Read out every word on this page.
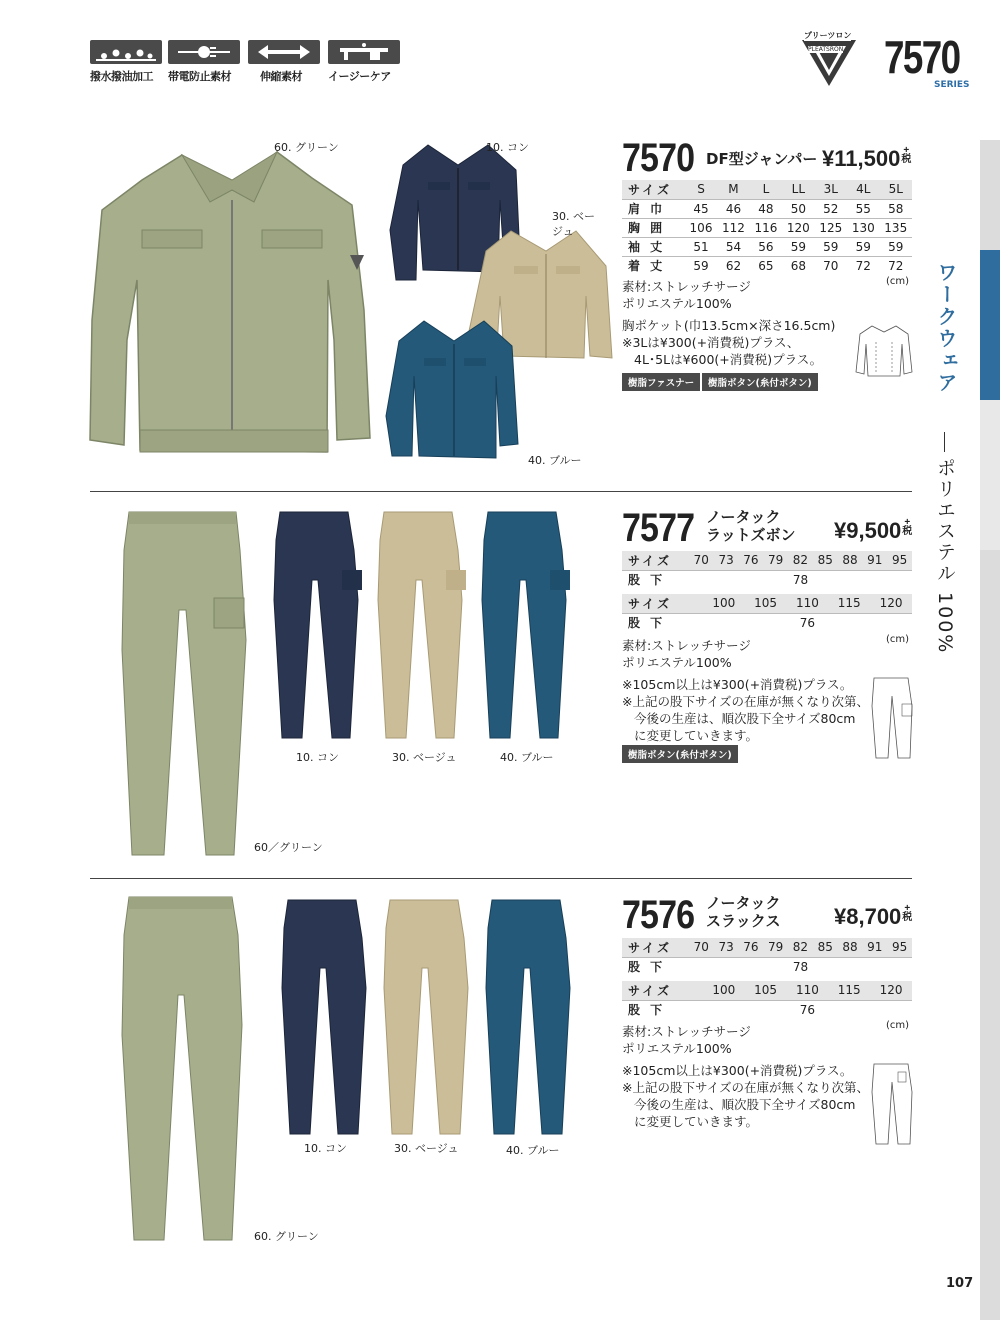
撥水撥油加工	帯電防止素材	伸縮素材	イージーケア
プリーツロン
PLEATSRON 7570
SERIES
ワークウェア
ポリエステル 100%
60. グリーン	10. コン
30. ベージュ
40. ブルー
7570 DF型ジャンパー ¥11,500 +
税
サイズ	S	M	L	LL	3L	4L	5L
肩 巾	45	46	48	50	52	55	58
胸 囲	106	112	116	120	125	130	135
袖 丈	51	54	56	59	59	59	59
着 丈	59	62	65	68	70	72	72
(cm)
素材:ストレッチサージ
ポリエステル100%
胸ポケット(巾13.5cm×深さ16.5cm)
※3Lは¥300(+消費税)プラス、
4L･5Lは¥600(+消費税)プラス。
樹脂ファスナー	樹脂ボタン(糸付ボタン)
10. コン	30. ベージュ	40. ブルー
60／グリーン
7577 ノータック
ラットズボン ¥9,500 +
税
サイズ	70	73	76	79	82	85	88	91	95
股 下	78								
サイズ	100	105	110	115	120
股 下	76				
(cm)
素材:ストレッチサージ
ポリエステル100%
※105cm以上は¥300(+消費税)プラス。
※上記の股下サイズの在庫が無くなり次第、
今後の生産は、順次股下全サイズ80cm
に変更していきます。
樹脂ボタン(糸付ボタン)
10. コン	30. ベージュ	40. ブルー
60. グリーン
7576 ノータック
スラックス ¥8,700 +
税
サイズ	70	73	76	79	82	85	88	91	95
股 下	78								
サイズ	100	105	110	115	120
股 下	76				
(cm)
素材:ストレッチサージ
ポリエステル100%
※105cm以上は¥300(+消費税)プラス。
※上記の股下サイズの在庫が無くなり次第、
今後の生産は、順次股下全サイズ80cm
に変更していきます。
107
